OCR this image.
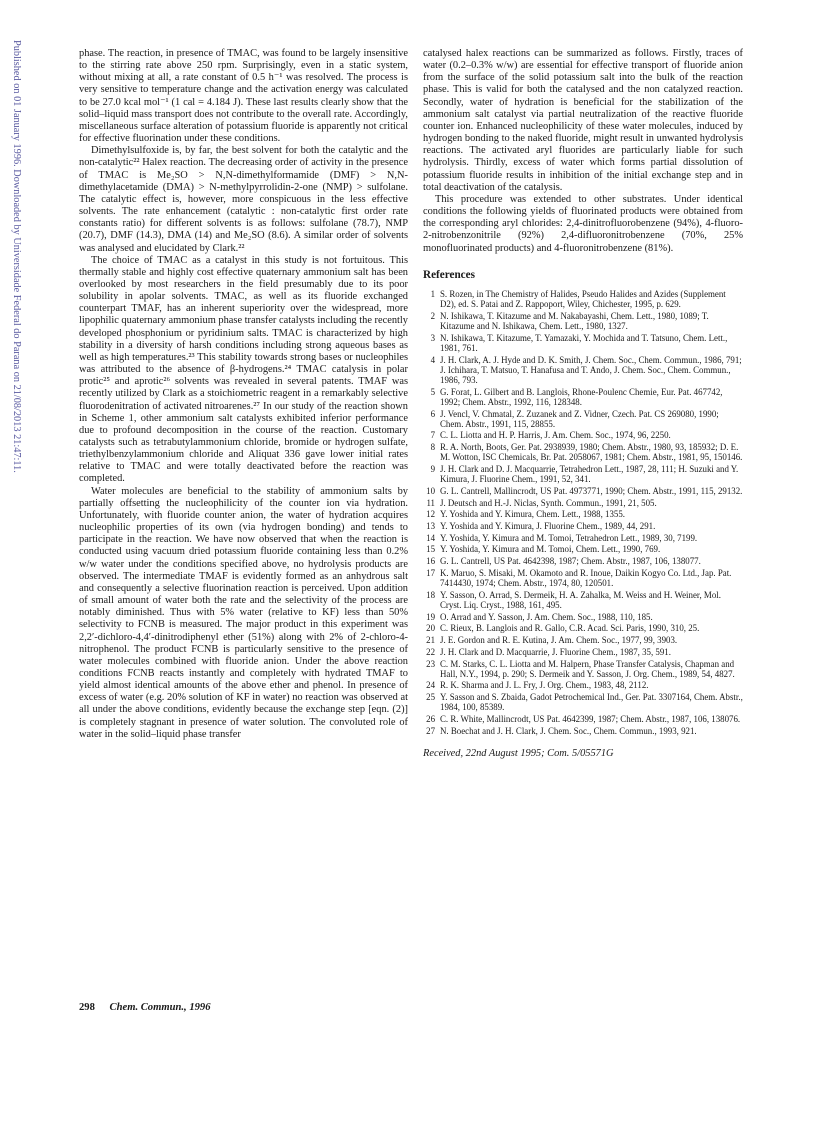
Published on 01 January 1996. Downloaded by Universidade Federal do Parana on 21/08/2013 21:47:11.	phase. The reaction, in presence of TMAC, was found to be largely insensitive to the stirring rate above 250 rpm. Surprisingly, even in a static system, without mixing at all, a rate constant of 0.5 h⁻¹ was resolved. The process is very sensitive to temperature change and the activation energy was calculated to be 27.0 kcal mol⁻¹ (1 cal = 4.184 J). These last results clearly show that the solid–liquid mass transport does not contribute to the overall rate. Accordingly, miscellaneous surface alteration of potassium fluoride is apparently not critical for effective fluorination under these conditions.

Dimethylsulfoxide is, by far, the best solvent for both the catalytic and the non-catalytic²² Halex reaction. The decreasing order of activity in the presence of TMAC is Me₂SO > N,N-dimethylformamide (DMF) > N,N-dimethylacetamide (DMA) > N-methylpyrrolidin-2-one (NMP) > sulfolane. The catalytic effect is, however, more conspicuous in the less effective solvents. The rate enhancement (catalytic : non-catalytic first order rate constants ratio) for different solvents is as follows: sulfolane (78.7), NMP (20.7), DMF (14.3), DMA (14) and Me₂SO (8.6). A similar order of solvents was analysed and elucidated by Clark.²²

The choice of TMAC as a catalyst in this study is not fortuitous. This thermally stable and highly cost effective quaternary ammonium salt has been overlooked by most researchers in the field presumably due to its poor solubility in apolar solvents. TMAC, as well as its fluoride exchanged counterpart TMAF, has an inherent superiority over the widespread, more lipophilic quaternary ammonium phase transfer catalysts including the recently developed phosphonium or pyridinium salts. TMAC is characterized by high stability in a diversity of harsh conditions including strong aqueous bases as well as high temperatures.²³ This stability towards strong bases or nucleophiles was attributed to the absence of β-hydrogens.²⁴ TMAC catalysis in polar protic²⁵ and aprotic²⁶ solvents was revealed in several patents. TMAF was recently utilized by Clark as a stoichiometric reagent in a remarkably selective fluorodenitration of activated nitroarenes.²⁷ In our study of the reaction shown in Scheme 1, other ammonium salt catalysts exhibited inferior performance due to profound decomposition in the course of the reaction. Customary catalysts such as tetrabutylammonium chloride, bromide or hydrogen sulfate, triethylbenzylammonium chloride and Aliquat 336 gave lower initial rates relative to TMAC and were totally deactivated before the reaction was completed.

Water molecules are beneficial to the stability of ammonium salts by partially offsetting the nucleophilicity of the counter ion via hydration. Unfortunately, with fluoride counter anion, the water of hydration acquires nucleophilic properties of its own (via hydrogen bonding) and tends to participate in the reaction. We have now observed that when the reaction is conducted using vacuum dried potassium fluoride containing less than 0.2% w/w water under the conditions specified above, no hydrolysis products are observed. The intermediate TMAF is evidently formed as an anhydrous salt and consequently a selective fluorination reaction is perceived. Upon addition of small amount of water both the rate and the selectivity of the process are notably diminished. Thus with 5% water (relative to KF) less than 50% selectivity to FCNB is measured. The major product in this experiment was 2,2′-dichloro-4,4′-dinitrodiphenyl ether (51%) along with 2% of 2-chloro-4-nitrophenol. The product FCNB is particularly sensitive to the presence of water molecules combined with fluoride anion. Under the above reaction conditions FCNB reacts instantly and completely with hydrated TMAF to yield almost identical amounts of the above ether and phenol. In presence of excess of water (e.g. 20% solution of KF in water) no reaction was observed at all under the above conditions, evidently because the exchange step [eqn. (2)] is completely stagnant in presence of water solution. The convoluted role of water in the solid–liquid phase transfer

catalysed halex reactions can be summarized as follows. Firstly, traces of water (0.2–0.3% w/w) are essential for effective transport of fluoride anion from the surface of the solid potassium salt into the bulk of the reaction phase. This is valid for both the catalysed and the non catalyzed reaction. Secondly, water of hydration is beneficial for the stabilization of the ammonium salt catalyst via partial neutralization of the reactive fluoride counter ion. Enhanced nucleophilicity of these water molecules, induced by hydrogen bonding to the naked fluoride, might result in unwanted hydrolysis reactions. The activated aryl fluorides are particularly liable for such hydrolysis. Thirdly, excess of water which forms partial dissolution of potassium fluoride results in inhibition of the initial exchange step and in total deactivation of the catalysis.

This procedure was extended to other substrates. Under identical conditions the following yields of fluorinated products were obtained from the corresponding aryl chlorides: 2,4-dinitrofluorobenzene (94%), 4-fluoro-2-nitrobenzonitrile (92%) 2,4-difluoronitrobenzene (70%, 25% monofluorinated products) and 4-fluoronitrobenzene (81%).

References
1 S. Rozen, in The Chemistry of Halides, Pseudo Halides and Azides (Supplement D2), ed. S. Patai and Z. Rappoport, Wiley, Chichester, 1995, p. 629.
2 N. Ishikawa, T. Kitazume and M. Nakabayashi, Chem. Lett., 1980, 1089; T. Kitazume and N. Ishikawa, Chem. Lett., 1980, 1327.
3 N. Ishikawa, T. Kitazume, T. Yamazaki, Y. Mochida and T. Tatsuno, Chem. Lett., 1981, 761.
4 J. H. Clark, A. J. Hyde and D. K. Smith, J. Chem. Soc., Chem. Commun., 1986, 791; J. Ichihara, T. Matsuo, T. Hanafusa and T. Ando, J. Chem. Soc., Chem. Commun., 1986, 793.
5 G. Forat, L. Gilbert and B. Langlois, Rhone-Poulenc Chemie, Eur. Pat. 467742, 1992; Chem. Abstr., 1992, 116, 128348.
6 J. Vencl, V. Chmatal, Z. Zuzanek and Z. Vidner, Czech. Pat. CS 269080, 1990; Chem. Abstr., 1991, 115, 28855.
7 C. L. Liotta and H. P. Harris, J. Am. Chem. Soc., 1974, 96, 2250.
8 R. A. North, Boots, Ger. Pat. 2938939, 1980; Chem. Abstr., 1980, 93, 185932; D. E. M. Wotton, ISC Chemicals, Br. Pat. 2058067, 1981; Chem. Abstr., 1981, 95, 150146.
9 J. H. Clark and D. J. Macquarrie, Tetrahedron Lett., 1987, 28, 111; H. Suzuki and Y. Kimura, J. Fluorine Chem., 1991, 52, 341.
10 G. L. Cantrell, Mallincrodt, US Pat. 4973771, 1990; Chem. Abstr., 1991, 115, 29132.
11 J. Deutsch and H.-J. Niclas, Synth. Commun., 1991, 21, 505.
12 Y. Yoshida and Y. Kimura, Chem. Lett., 1988, 1355.
13 Y. Yoshida and Y. Kimura, J. Fluorine Chem., 1989, 44, 291.
14 Y. Yoshida, Y. Kimura and M. Tomoi, Tetrahedron Lett., 1989, 30, 7199.
15 Y. Yoshida, Y. Kimura and M. Tomoi, Chem. Lett., 1990, 769.
16 G. L. Cantrell, US Pat. 4642398, 1987; Chem. Abstr., 1987, 106, 138077.
17 K. Maruo, S. Misaki, M. Okamoto and R. Inoue, Daikin Kogyo Co. Ltd., Jap. Pat. 7414430, 1974; Chem. Abstr., 1974, 80, 120501.
18 Y. Sasson, O. Arrad, S. Dermeik, H. A. Zahalka, M. Weiss and H. Weiner, Mol. Cryst. Liq. Cryst., 1988, 161, 495.
19 O. Arrad and Y. Sasson, J. Am. Chem. Soc., 1988, 110, 185.
20 C. Rieux, B. Langlois and R. Gallo, C.R. Acad. Sci. Paris, 1990, 310, 25.
21 J. E. Gordon and R. E. Kutina, J. Am. Chem. Soc., 1977, 99, 3903.
22 J. H. Clark and D. Macquarrie, J. Fluorine Chem., 1987, 35, 591.
23 C. M. Starks, C. L. Liotta and M. Halpern, Phase Transfer Catalysis, Chapman and Hall, N.Y., 1994, p. 290; S. Dermeik and Y. Sasson, J. Org. Chem., 1989, 54, 4827.
24 R. K. Sharma and J. L. Fry, J. Org. Chem., 1983, 48, 2112.
25 Y. Sasson and S. Zbaida, Gadot Petrochemical Ind., Ger. Pat. 3307164, Chem. Abstr., 1984, 100, 85389.
26 C. R. White, Mallincrodt, US Pat. 4642399, 1987; Chem. Abstr., 1987, 106, 138076.
27 N. Boechat and J. H. Clark, J. Chem. Soc., Chem. Commun., 1993, 921.
Received, 22nd August 1995; Com. 5/05571G
298 Chem. Commun., 1996
